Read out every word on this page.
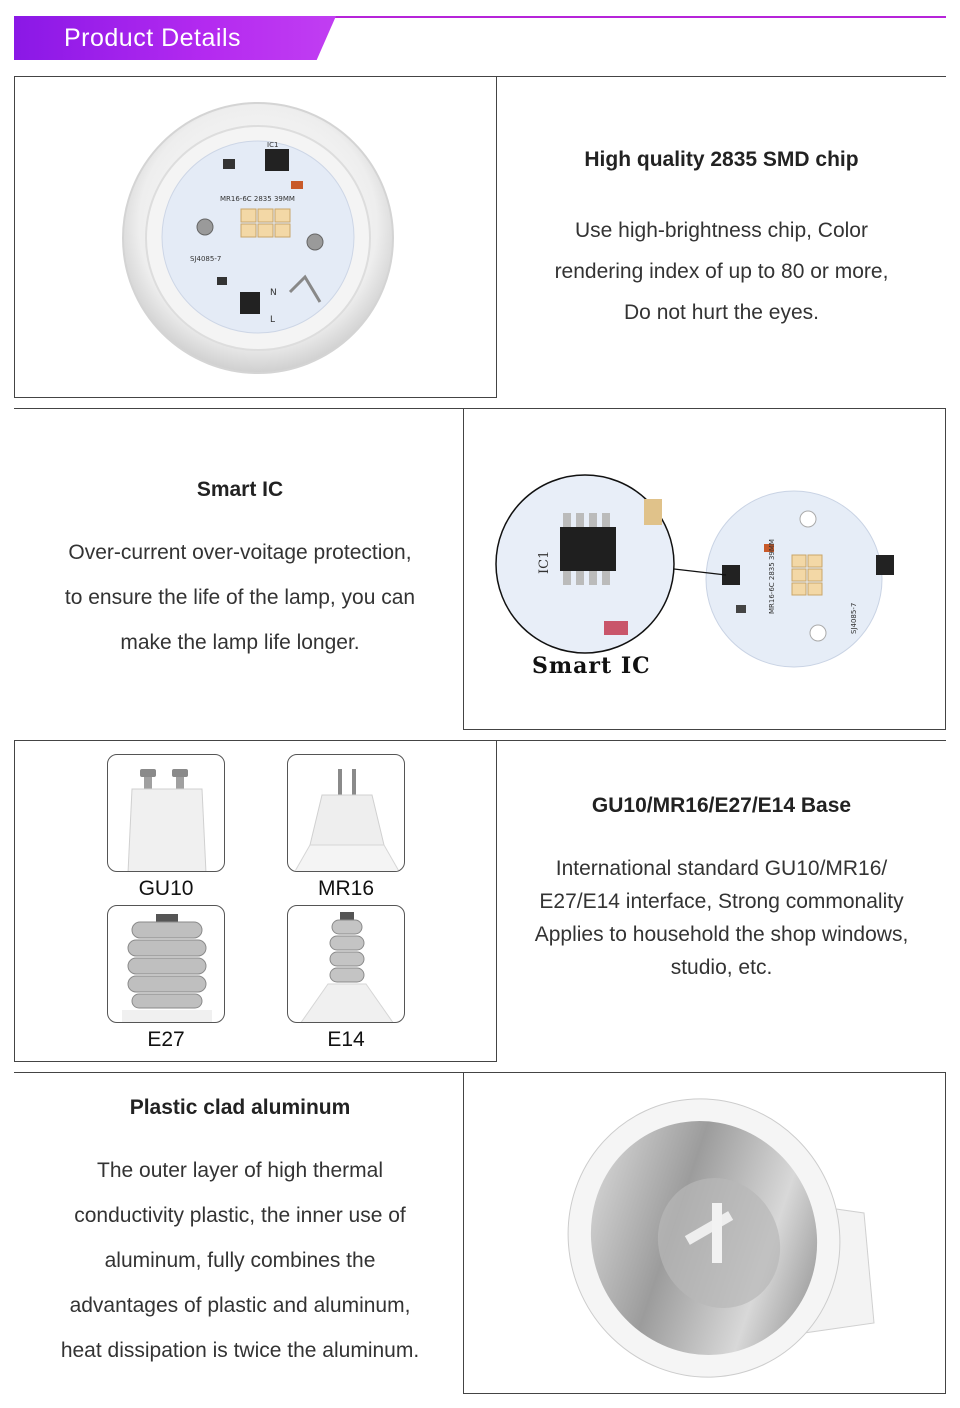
Product Details
IC1
MR16-6C 2835 39MM
SJ4085-7
N
L
High quality 2835 SMD chip
Use high-brightness chip, Color
rendering index of up to 80 or more,
Do not hurt the eyes.
Smart IC
Over-current over-voitage protection,
to ensure the life of the lamp, you can
make the lamp life longer.
MR16-6C 2835 39MM
SJ4085-7
IC1
Smart IC
GU10	MR16
E27	E14
GU10/MR16/E27/E14 Base
International standard GU10/MR16/
E27/E14 interface, Strong commonality
Applies to household the shop windows,
studio, etc.
Plastic clad aluminum
The outer layer of high thermal
conductivity plastic, the inner use of
aluminum, fully combines the
advantages of plastic and aluminum,
heat dissipation is twice the aluminum.
